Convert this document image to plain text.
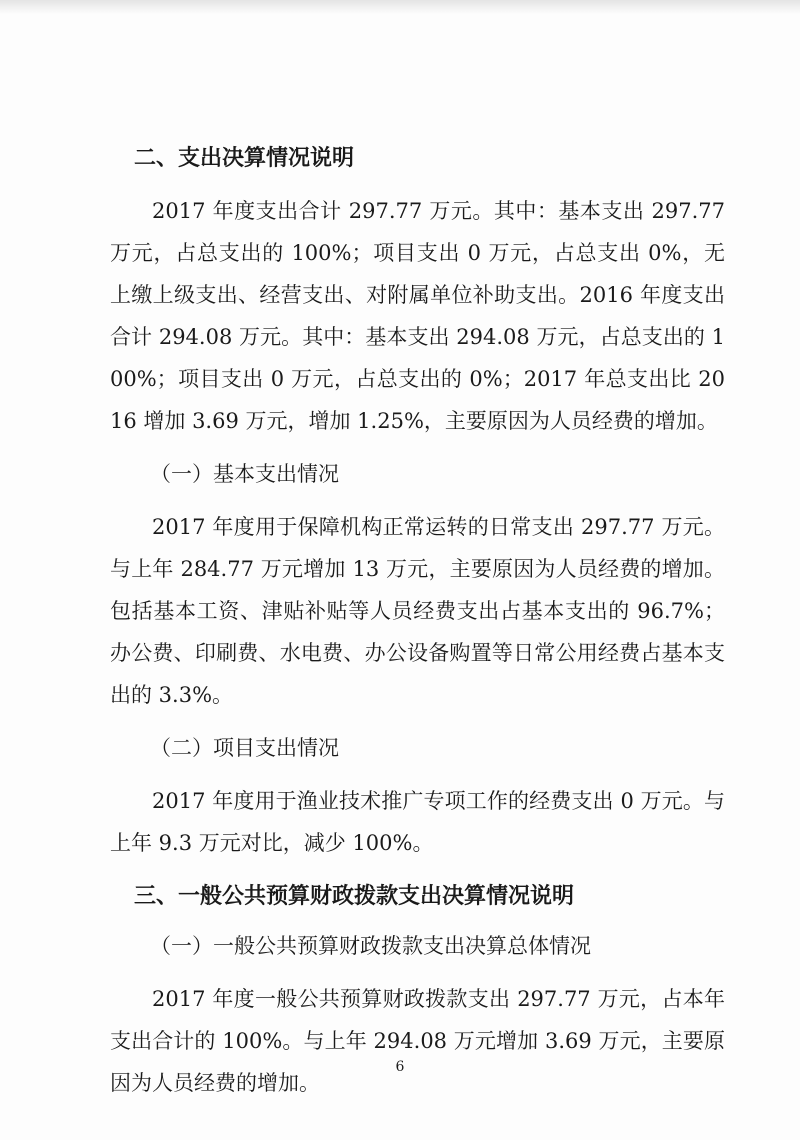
二、支出决算情况说明

2017 年度支出合计 297.77 万元。其中：基本支出 297.77 万元，占总支出的 100%；项目支出 0 万元，占总支出 0%，无上缴上级支出、经营支出、对附属单位补助支出。2016 年度支出合计 294.08 万元。其中：基本支出 294.08 万元，占总支出的 100%；项目支出 0 万元，占总支出的 0%；2017 年总支出比 2016 增加 3.69 万元，增加 1.25%，主要原因为人员经费的增加。

（一）基本支出情况

2017 年度用于保障机构正常运转的日常支出 297.77 万元。与上年 284.77 万元增加 13 万元，主要原因为人员经费的增加。包括基本工资、津贴补贴等人员经费支出占基本支出的 96.7%；办公费、印刷费、水电费、办公设备购置等日常公用经费占基本支出的 3.3%。

（二）项目支出情况

2017 年度用于渔业技术推广专项工作的经费支出 0 万元。与上年 9.3 万元对比，减少 100%。

三、一般公共预算财政拨款支出决算情况说明
（一）一般公共预算财政拨款支出决算总体情况

2017 年度一般公共预算财政拨款支出 297.77 万元，占本年支出合计的 100%。与上年 294.08 万元增加 3.69 万元，主要原因为人员经费的增加。

6
